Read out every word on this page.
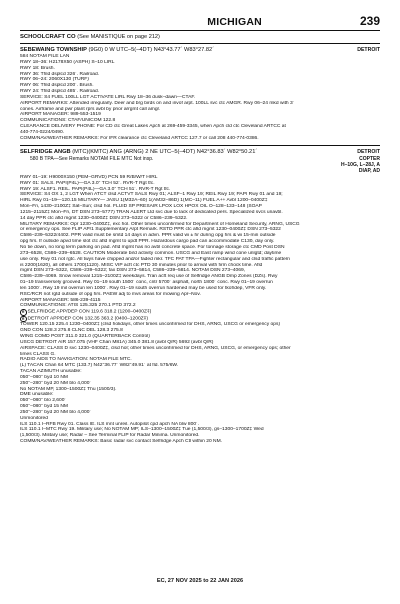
MICHIGAN	239
SCHOOLCRAFT CO (See MANISTIQUE on page 212)
SEBEWAING TOWNSHIP
(9G0) 0 W UTC–5(–4DT) N43°43.77´ W83°27.82´	DETROIT
584 NOTAM FILE LAN
RWY 18–36: H2178X50 (ASPH) S–10 LIRL
RWY 18: Brush.
RWY 36: Thld dsplcd 326´. Railroad.
RWY 06–24: 2060X130 (TURF)
RWY 06: Thld dsplcd 200´. Brush.
RWY 24: Thld dsplcd 485´. Railroad.
SERVICE: S4 FUEL 100LL LGT ACTIVATE LIRL Rwy 18–36 dusk–dawn—CTAF.
AIRPORT REMARKS: Attended irregularly. Deer and brg birds on and invof arpt. 100LL svc ctc AMGR. Rwy 06–24 mkd with 3´
cones. Airframe and pwr plant rprs avbl by prior arrgmt call amgr.
AIRPORT MANAGER: 989-553-1519
COMMUNICATIONS: CTAF/UNICOM 122.8
CLEARANCE DELIVERY PHONE: For CD ctc Great Lakes Apch at 269-459-3345, when Apch cld ctc Cleveland ARTCC at
440-774-0224/0490.
COMM/NAV/WEATHER REMARKS: For IFR clearance ctc Cleveland ARTCC 127.7 or call 208 440-774-0386.
SELFRIDGE ANGB
(MTC)(KMTC) ANG (ARNG) 2 NE UTC–5(–4DT) N42°36.83´ W82°50.21´	DETROIT
580 B TPA—See Remarks NOTAM FILE MTC Not insp.	COPTER
H–10G, L–28J, A
DIAP, AD
RWY 01–19: H9000X150 (PEM–GRVD) PCN 59 R/B/W/T HIRL
RWY 01: SALS. PAPI(P4L)—GA 3.0° TCH 52´. RVR-T Rgt tfc.
RWY 19: ALSF1. REIL. PAPI(P4L)—GA 3.0° TCH 51´. RVR-T Rgt tfc.
SERVICE: S4 OX 1, 2 LGT When ATCT clsd ACTVT SALS Rwy 01; ALSF–1 Rwy 19; REIL Rwy 19; PAPI Rwy 01 and 19;
HIRL Rwy 01–19—120.15 MILITARY— JASU 1(M32A–60) 1(AM32–86D) 1(MC–11) FUEL A++ Avbl 1200–0400Z‡
Mon–Fri, 1430–2100Z‡ Sat–Sun; clsd hol. FLUID SP PRESAIR LPOX LOX HPOX OIL O–128–133–148 (SOAP
1215–2115Z‡ Mon–Fri, DT DSN 273–5777) TRAN ALERT Ltd svc due to lack of dedicated pers. Specialized svcs unavbl.
14 day PPR ctc afld mgmt 1230–0400Z‡ DSN 273–5322 or C586–239–5322.
MILITARY REMARKS: Opr 1230–0400Z‡, exc hol. Other times unconfirmed for Department of Homeland Security, ARNG, USCG
or emergency ops. See FLIP AP/1 Supplementary Arpt Remark. RSTD PPR ctc afld mgmt 1230–0400Z‡ DSN 273–5322
C586–239–5322/4402. PPR valid must be smtd 14 days in advn. PPR valid wi ± hr during opg hrs & wi 15-min outside
opg hrs. If outside apvd time slot ctc afld mgmt to updt PPR. Hazardous cargo pad can accommodate C130, day only.
No tie down, no long term parking on pad. Afld mgmt has no avbl concrete space. For tonnage storage ctc CMD Post DSN
273–6528, C586–239–6528. CAUTION Moderate bird activity common. USCG and East ramp wind cone unlgtd; daytime
use only. Rwy 01 not rgtc. All twys have chipped and/or faded mkr. TFC PAT TPA—Fighter rectangular and clsd traffic pattern
is 2200(1620), all others 1700(1120). MISC VIP acft ctc PTD 30 minutes prior to arrival with firm chock time. Afld
mgmt DSN 273–5322, C586–239–5322; fax DSN 273–5814, C586–239–5814. NOTAM DSN 273–4069,
C586–239–4069. Snow removal 1215–2100Z‡ weekdays. Tran acft req use of Selfridge ANGB Dmp Zones (DZs). Rwy
01–19 transversely grooved. Rwy 01–19 south 1500´ conc, cntr 5700´ asphalt, north 1800´ conc. Rwy 01–19 overrun
len 1000´. Rwy 19 mil overrun len 1000´. Rwy 01–19 south overrun hardened may be used for tkof/dep, VFR only.
RSC/RCR not rgtd outside of opg hrs. PAEW adj to mvs areas for mowing Apr–Nov.
AIRPORT MANAGER: 586-239-4115
COMMUNICATIONS: ATIS 125.325 270.1 PTD 372.2
R SELFRIDGE APP/DEP CON 119.6 318.2 (1200–0400Z‡)
R DETROIT APP/DEP CON 132.35 363.2 (0400–1200Z‡)
TOWER 120.15 225.4 1230–0400Z‡ (clsd holidays, other times unconfirmed for DHS, ARNG, USCG or emergency ops)
GND CON 128.3 275.8 CLNC DEL 128.3 275.8
WING COMD POST 311.0 321.0 (QUARTERBACK Control)
USCG DETROIT AIR 157.075 (VHF Chan M81A) 345.0 381.8 (avbl Q/R) 5692 (avbl Q/R)
AIRSPACE: CLASS D svc 1230–0400Z‡, clsd hol; other times unconfirmed for DHS, ARNG, USCG, or emergency ops; other
times CLASS G.
RADIO AIDS TO NAVIGATION: NOTAM FILE MTC.
(L) TACAN Chan 64 MTC (133.7) N42°36.77´ W82°49.91´ at fld. 575/6W.
TACAN AZIMUTH unusable:
050°–080° byd 10 NM
250°–280° byd 20 NM blo 4,000´
No NOTAM MP, 1300–1500Z‡ Thu (1500/3).
DME unusable:
050°–080° blo 2,600´
050°–080° byd 15 NM
250°–280° byd 20 NM blo 4,000´
Unmonitored
ILS 110.1 I–RFB Rwy 01. Class IE. ILS mnt unreil. Autopilot cpd apch NA blw 800´.
ILS 110.1 I–MTC Rwy 19. Military use; No NOTAM MP; ILS–1300–1500Z‡ Tue (1,500/3), gs–1300–1700Z‡ Wed
(1,500/3). Military use; Radar – See Terminal FLIP for Radar Minima. Unmonitored.
COMM/NAV/WEATHER REMARKS: Basic radar svc contact Selfridge Apch Ctl within 20 NM.
EC, 27 NOV 2025 to 22 JAN 2026
